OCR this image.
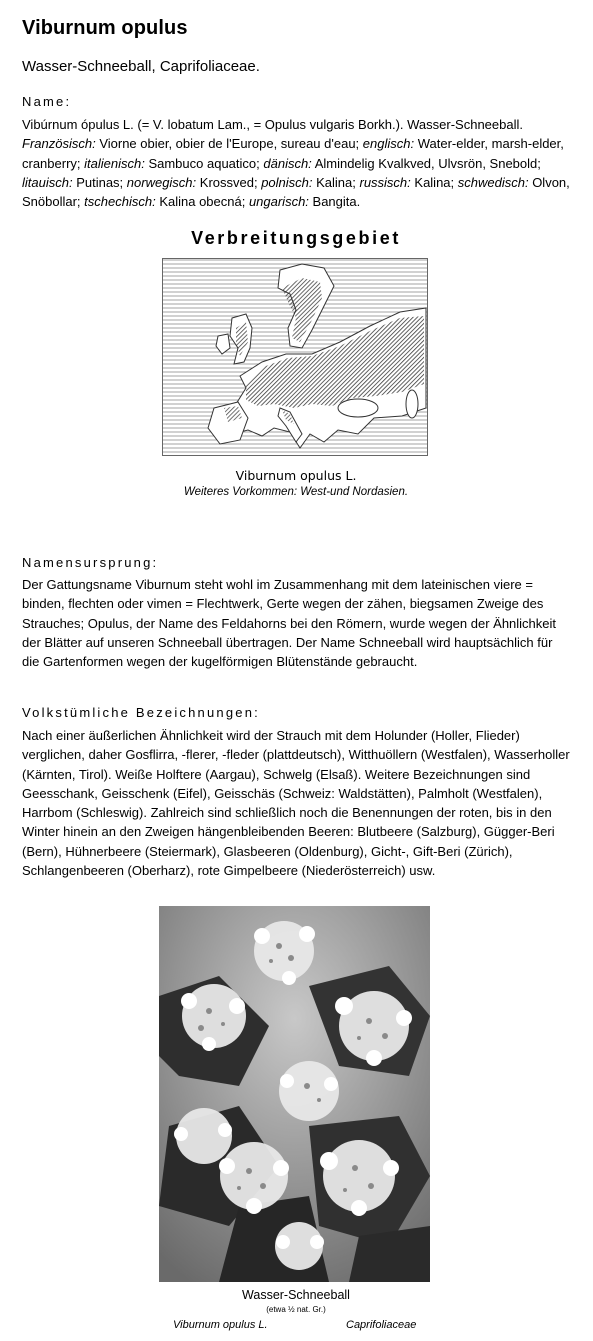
Viburnum opulus
Wasser-Schneeball, Caprifoliaceae.
Name:
Vibúrnum ópulus L. (= V. lobatum Lam., = Opulus vulgaris Borkh.). Wasser-Schneeball. Französisch: Viorne obier, obier de l'Europe, sureau d'eau; englisch: Water-elder, marsh-elder, cranberry; italienisch: Sambuco aquatico; dänisch: Almindelig Kvalkved, Ulvsrön, Snebold; litauisch: Putinas; norwegisch: Krossved; polnisch: Kalina; russisch: Kalina; schwedisch: Olvon, Snöbollar; tschechisch: Kalina obecná; ungarisch: Bangita.
Verbreitungsgebiet
Viburnum opulus L.
Weiteres Vorkommen: West-und Nordasien.
Namensursprung:
Der Gattungsname Viburnum steht wohl im Zusammenhang mit dem lateinischen viere = binden, flechten oder vimen = Flechtwerk, Gerte wegen der zähen, biegsamen Zweige des Strauches; Opulus, der Name des Feldahorns bei den Römern, wurde wegen der Ähnlichkeit der Blätter auf unseren Schneeball übertragen. Der Name Schneeball wird hauptsächlich für die Gartenformen wegen der kugelförmigen Blütenstände gebraucht.
Volkstümliche Bezeichnungen:
Nach einer äußerlichen Ähnlichkeit wird der Strauch mit dem Holunder (Holler, Flieder) verglichen, daher Gosflirra, -flerer, -fleder (plattdeutsch), Witthuöllern (Westfalen), Wasserholler (Kärnten, Tirol). Weiße Holftere (Aargau), Schwelg (Elsaß). Weitere Bezeichnungen sind Geesschank, Geisschenk (Eifel), Geisschäs (Schweiz: Waldstätten), Palmholt (Westfalen), Harrbom (Schleswig). Zahlreich sind schließlich noch die Benennungen der roten, bis in den Winter hinein an den Zweigen hängenbleibenden Beeren: Blutbeere (Salzburg), Gügger-Beri (Bern), Hühnerbeere (Steiermark), Glasbeeren (Oldenburg), Gicht-, Gift-Beri (Zürich), Schlangenbeeren (Oberharz), rote Gimpelbeere (Niederösterreich) usw.
Wasser-Schneeball
(etwa ½ nat. Gr.)
Viburnum opulus L.	Caprifoliaceae
